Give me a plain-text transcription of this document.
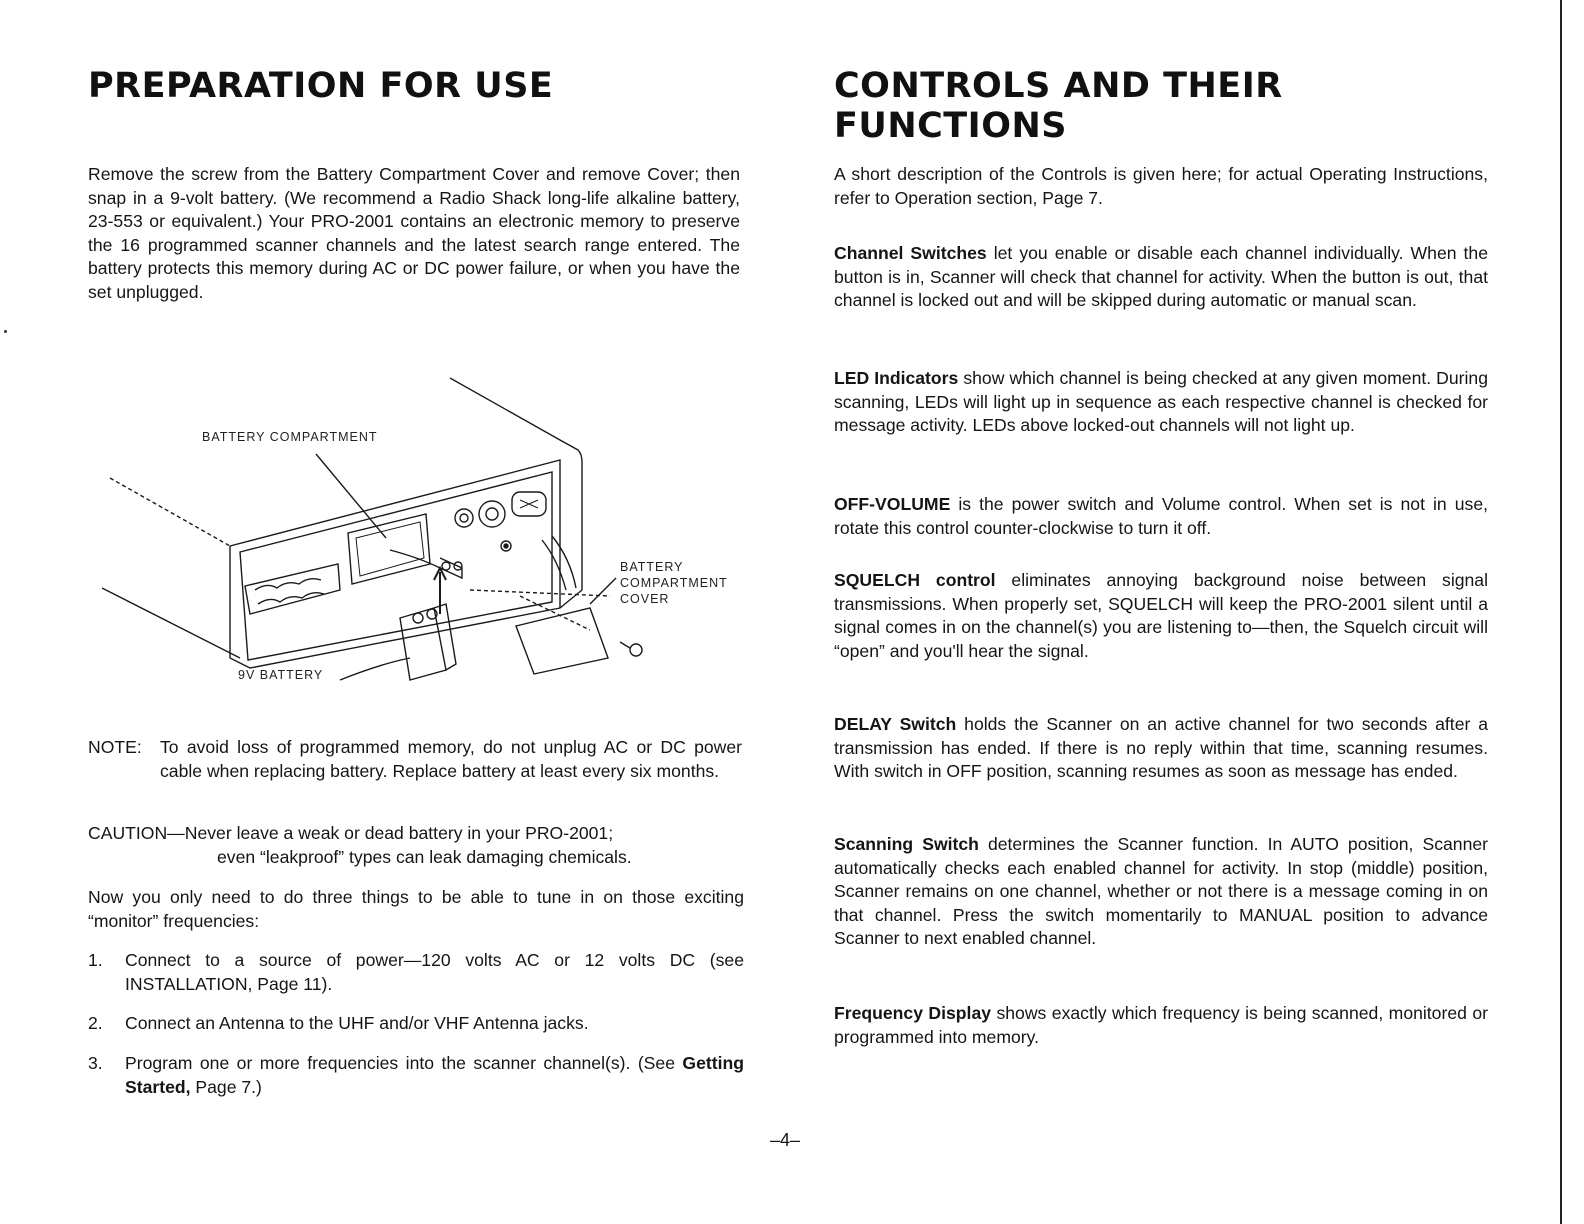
PREPARATION FOR USE

Remove the screw from the Battery Compartment Cover and remove Cover; then snap in a 9-volt battery. (We recommend a Radio Shack long-life alkaline battery, 23-553 or equivalent.) Your PRO-2001 contains an electronic memory to preserve the 16 programmed scanner channels and the latest search range entered. The battery protects this memory during AC or DC power failure, or when you have the set unplugged.

NOTE: To avoid loss of programmed memory, do not unplug AC or DC power cable when replacing battery. Replace battery at least every six months.

CAUTION—Never leave a weak or dead battery in your PRO-2001;

even “leakproof” types can leak damaging chemicals.

Now you only need to do three things to be able to tune in on those exciting “monitor” frequencies:

1. Connect to a source of power—120 volts AC or 12 volts DC (see INSTALLATION, Page 11).
2. Connect an Antenna to the UHF and/or VHF Antenna jacks.
3. Program one or more frequencies into the scanner channel(s). (See Getting Started, Page 7.)
BATTERY COMPARTMENT
BATTERY
COMPARTMENT
COVER
9V BATTERY
CONTROLS AND THEIR FUNCTIONS

A short description of the Controls is given here; for actual Operating Instructions, refer to Operation section, Page 7.

Channel Switches let you enable or disable each channel individually. When the button is in, Scanner will check that channel for activity. When the button is out, that channel is locked out and will be skipped during automatic or manual scan.

LED Indicators show which channel is being checked at any given moment. During scanning, LEDs will light up in sequence as each respective channel is checked for message activity. LEDs above locked-out channels will not light up.

OFF-VOLUME is the power switch and Volume control. When set is not in use, rotate this control counter-clockwise to turn it off.

SQUELCH control eliminates annoying background noise between signal transmissions. When properly set, SQUELCH will keep the PRO-2001 silent until a signal comes in on the channel(s) you are listening to—then, the Squelch circuit will “open” and you'll hear the signal.

DELAY Switch holds the Scanner on an active channel for two seconds after a transmission has ended. If there is no reply within that time, scanning resumes. With switch in OFF position, scanning resumes as soon as message has ended.

Scanning Switch determines the Scanner function. In AUTO position, Scanner automatically checks each enabled channel for activity. In stop (middle) position, Scanner remains on one channel, whether or not there is a message coming in on that channel. Press the switch momentarily to MANUAL position to advance Scanner to next enabled channel.

Frequency Display shows exactly which frequency is being scanned, monitored or programmed into memory.

–4–
